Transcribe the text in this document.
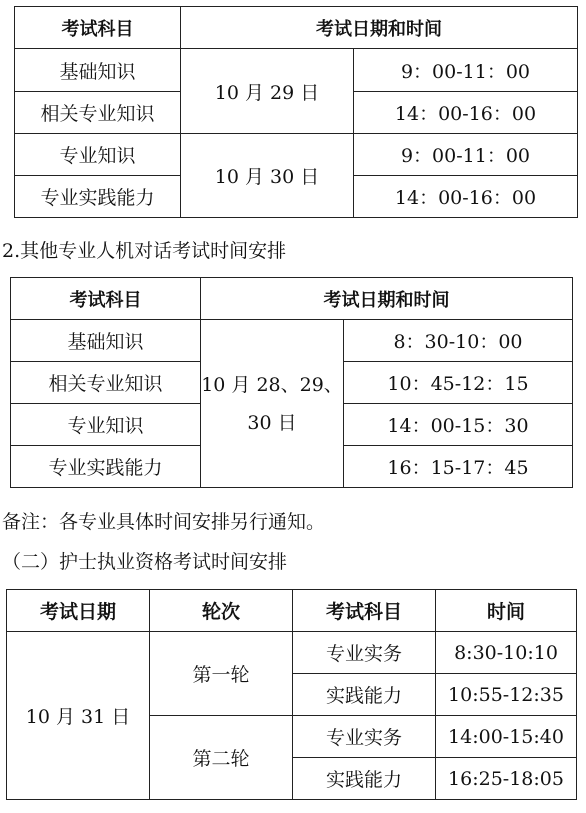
考试科目	考试日期和时间	
基础知识	10 月 29 日	9：00-11：00
相关专业知识		14：00-16：00
专业知识	10 月 30 日	9：00-11：00
专业实践能力		14：00-16：00
2.其他专业人机对话考试时间安排
考试科目	考试日期和时间	
基础知识	10 月 28、29、30 日	8：30-10：00
相关专业知识		10：45-12：15
专业知识		14：00-15：30
专业实践能力		16：15-17：45
备注：各专业具体时间安排另行通知。
（二）护士执业资格考试时间安排
考试日期	轮次	考试科目	时间
10 月 31 日	第一轮	专业实务	8:30-10:10
		实践能力	10:55-12:35
	第二轮	专业实务	14:00-15:40
		实践能力	16:25-18:05
